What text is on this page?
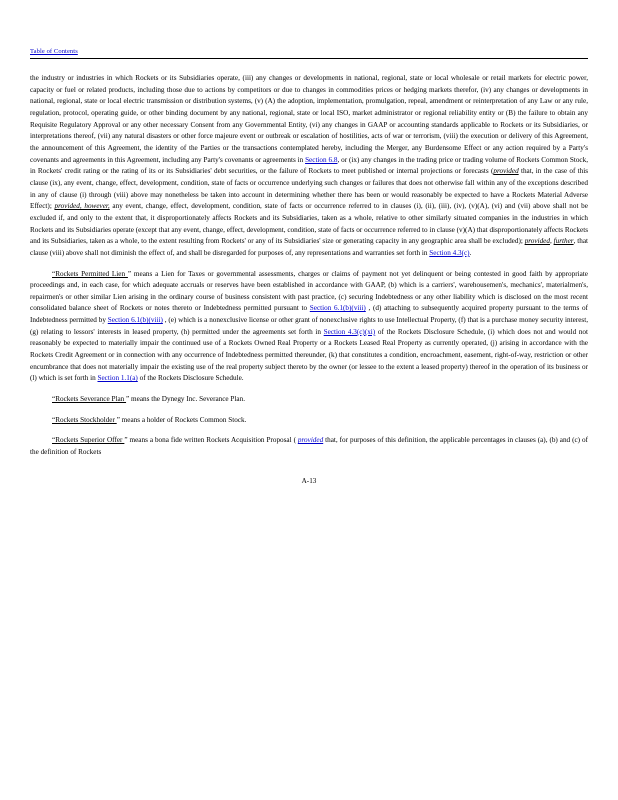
Table of Contents
the industry or industries in which Rockets or its Subsidiaries operate, (iii) any changes or developments in national, regional, state or local wholesale or retail markets for electric power, capacity or fuel or related products, including those due to actions by competitors or due to changes in commodities prices or hedging markets therefor, (iv) any changes or developments in national, regional, state or local electric transmission or distribution systems, (v) (A) the adoption, implementation, promulgation, repeal, amendment or reinterpretation of any Law or any rule, regulation, protocol, operating guide, or other binding document by any national, regional, state or local ISO, market administrator or regional reliability entity or (B) the failure to obtain any Requisite Regulatory Approval or any other necessary Consent from any Governmental Entity, (vi) any changes in GAAP or accounting standards applicable to Rockets or its Subsidiaries, or interpretations thereof, (vii) any natural disasters or other force majeure event or outbreak or escalation of hostilities, acts of war or terrorism, (viii) the execution or delivery of this Agreement, the announcement of this Agreement, the identity of the Parties or the transactions contemplated hereby, including the Merger, any Burdensome Effect or any action required by a Party's covenants and agreements in this Agreement, including any Party's covenants or agreements in Section 6.8, or (ix) any changes in the trading price or trading volume of Rockets Common Stock, in Rockets' credit rating or the rating of its or its Subsidiaries' debt securities, or the failure of Rockets to meet published or internal projections or forecasts (provided that, in the case of this clause (ix), any event, change, effect, development, condition, state of facts or occurrence underlying such changes or failures that does not otherwise fall within any of the exceptions described in any of clause (i) through (viii) above may nonetheless be taken into account in determining whether there has been or would reasonably be expected to have a Rockets Material Adverse Effect); provided, however, any event, change, effect, development, condition, state of facts or occurrence referred to in clauses (i), (ii), (iii), (iv), (v)(A), (vi) and (vii) above shall not be excluded if, and only to the extent that, it disproportionately affects Rockets and its Subsidiaries, taken as a whole, relative to other similarly situated companies in the industries in which Rockets and its Subsidiaries operate (except that any event, change, effect, development, condition, state of facts or occurrence referred to in clause (v)(A) that disproportionately affects Rockets and its Subsidiaries, taken as a whole, to the extent resulting from Rockets' or any of its Subsidiaries' size or generating capacity in any geographic area shall be excluded); provided, further, that clause (viii) above shall not diminish the effect of, and shall be disregarded for purposes of, any representations and warranties set forth in Section 4.3(c).
“Rockets Permitted Lien ” means a Lien for Taxes or governmental assessments, charges or claims of payment not yet delinquent or being contested in good faith by appropriate proceedings and, in each case, for which adequate accruals or reserves have been established in accordance with GAAP, (b) which is a carriers', warehousemen's, mechanics', materialmen's, repairmen's or other similar Lien arising in the ordinary course of business consistent with past practice, (c) securing Indebtedness or any other liability which is disclosed on the most recent consolidated balance sheet of Rockets or notes thereto or Indebtedness permitted pursuant to Section 6.1(b)(viii) , (d) attaching to subsequently acquired property pursuant to the terms of Indebtedness permitted by Section 6.1(b)(viii) , (e) which is a nonexclusive license or other grant of nonexclusive rights to use Intellectual Property, (f) that is a purchase money security interest, (g) relating to lessors' interests in leased property, (h) permitted under the agreements set forth in Section 4.3(c)(xi) of the Rockets Disclosure Schedule, (i) which does not and would not reasonably be expected to materially impair the continued use of a Rockets Owned Real Property or a Rockets Leased Real Property as currently operated, (j) arising in accordance with the Rockets Credit Agreement or in connection with any occurrence of Indebtedness permitted thereunder, (k) that constitutes a condition, encroachment, easement, right-of-way, restriction or other encumbrance that does not materially impair the existing use of the real property subject thereto by the owner (or lessee to the extent a leased property) thereof in the operation of its business or (l) which is set forth in Section 1.1(a) of the Rockets Disclosure Schedule.
“Rockets Severance Plan ” means the Dynegy Inc. Severance Plan.
“Rockets Stockholder ” means a holder of Rockets Common Stock.
“Rockets Superior Offer ” means a bona fide written Rockets Acquisition Proposal ( provided that, for purposes of this definition, the applicable percentages in clauses (a), (b) and (c) of the definition of Rockets
A-13
